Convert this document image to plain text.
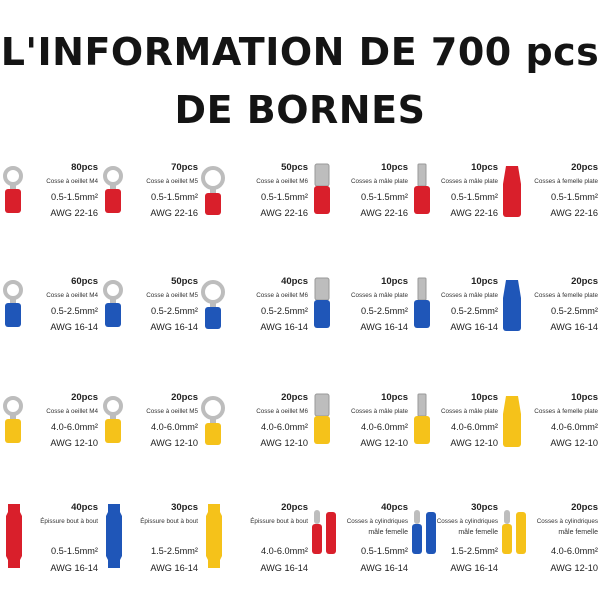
L'INFORMATION DE 700 pcs
DE BORNES
80pcs
Cosse à oeillet M4
0.5-1.5mm²
AWG 22-16
70pcs
Cosse à oeillet M5
0.5-1.5mm²
AWG 22-16
50pcs
Cosse à oeillet M6
0.5-1.5mm²
AWG 22-16
10pcs
Cosses à mâle plate
0.5-1.5mm²
AWG 22-16
10pcs
Cosses à mâle plate
0.5-1.5mm²
AWG 22-16
20pcs
Cosses à femelle plate
0.5-1.5mm²
AWG 22-16
60pcs
Cosse à oeillet M4
0.5-2.5mm²
AWG 16-14
50pcs
Cosse à oeillet M5
0.5-2.5mm²
AWG 16-14
40pcs
Cosse à oeillet M6
0.5-2.5mm²
AWG 16-14
10pcs
Cosses à mâle plate
0.5-2.5mm²
AWG 16-14
10pcs
Cosses à mâle plate
0.5-2.5mm²
AWG 16-14
20pcs
Cosses à femelle plate
0.5-2.5mm²
AWG 16-14
20pcs
Cosse à oeillet M4
4.0-6.0mm²
AWG 12-10
20pcs
Cosse à oeillet M5
4.0-6.0mm²
AWG 12-10
20pcs
Cosse à oeillet M6
4.0-6.0mm²
AWG 12-10
10pcs
Cosses à mâle plate
4.0-6.0mm²
AWG 12-10
10pcs
Cosses à mâle plate
4.0-6.0mm²
AWG 12-10
10pcs
Cosses à femelle plate
4.0-6.0mm²
AWG 12-10
40pcs
Épissure bout à bout
0.5-1.5mm²
AWG 16-14
30pcs
Épissure bout à bout
1.5-2.5mm²
AWG 16-14
20pcs
Épissure bout à bout
4.0-6.0mm²
AWG 16-14
40pcs
Cosses à cylindriques
mâle femelle
0.5-1.5mm²
AWG 16-14
30pcs
Cosses à cylindriques
mâle femelle
1.5-2.5mm²
AWG 16-14
20pcs
Cosses à cylindriques
mâle femelle
4.0-6.0mm²
AWG 12-10
